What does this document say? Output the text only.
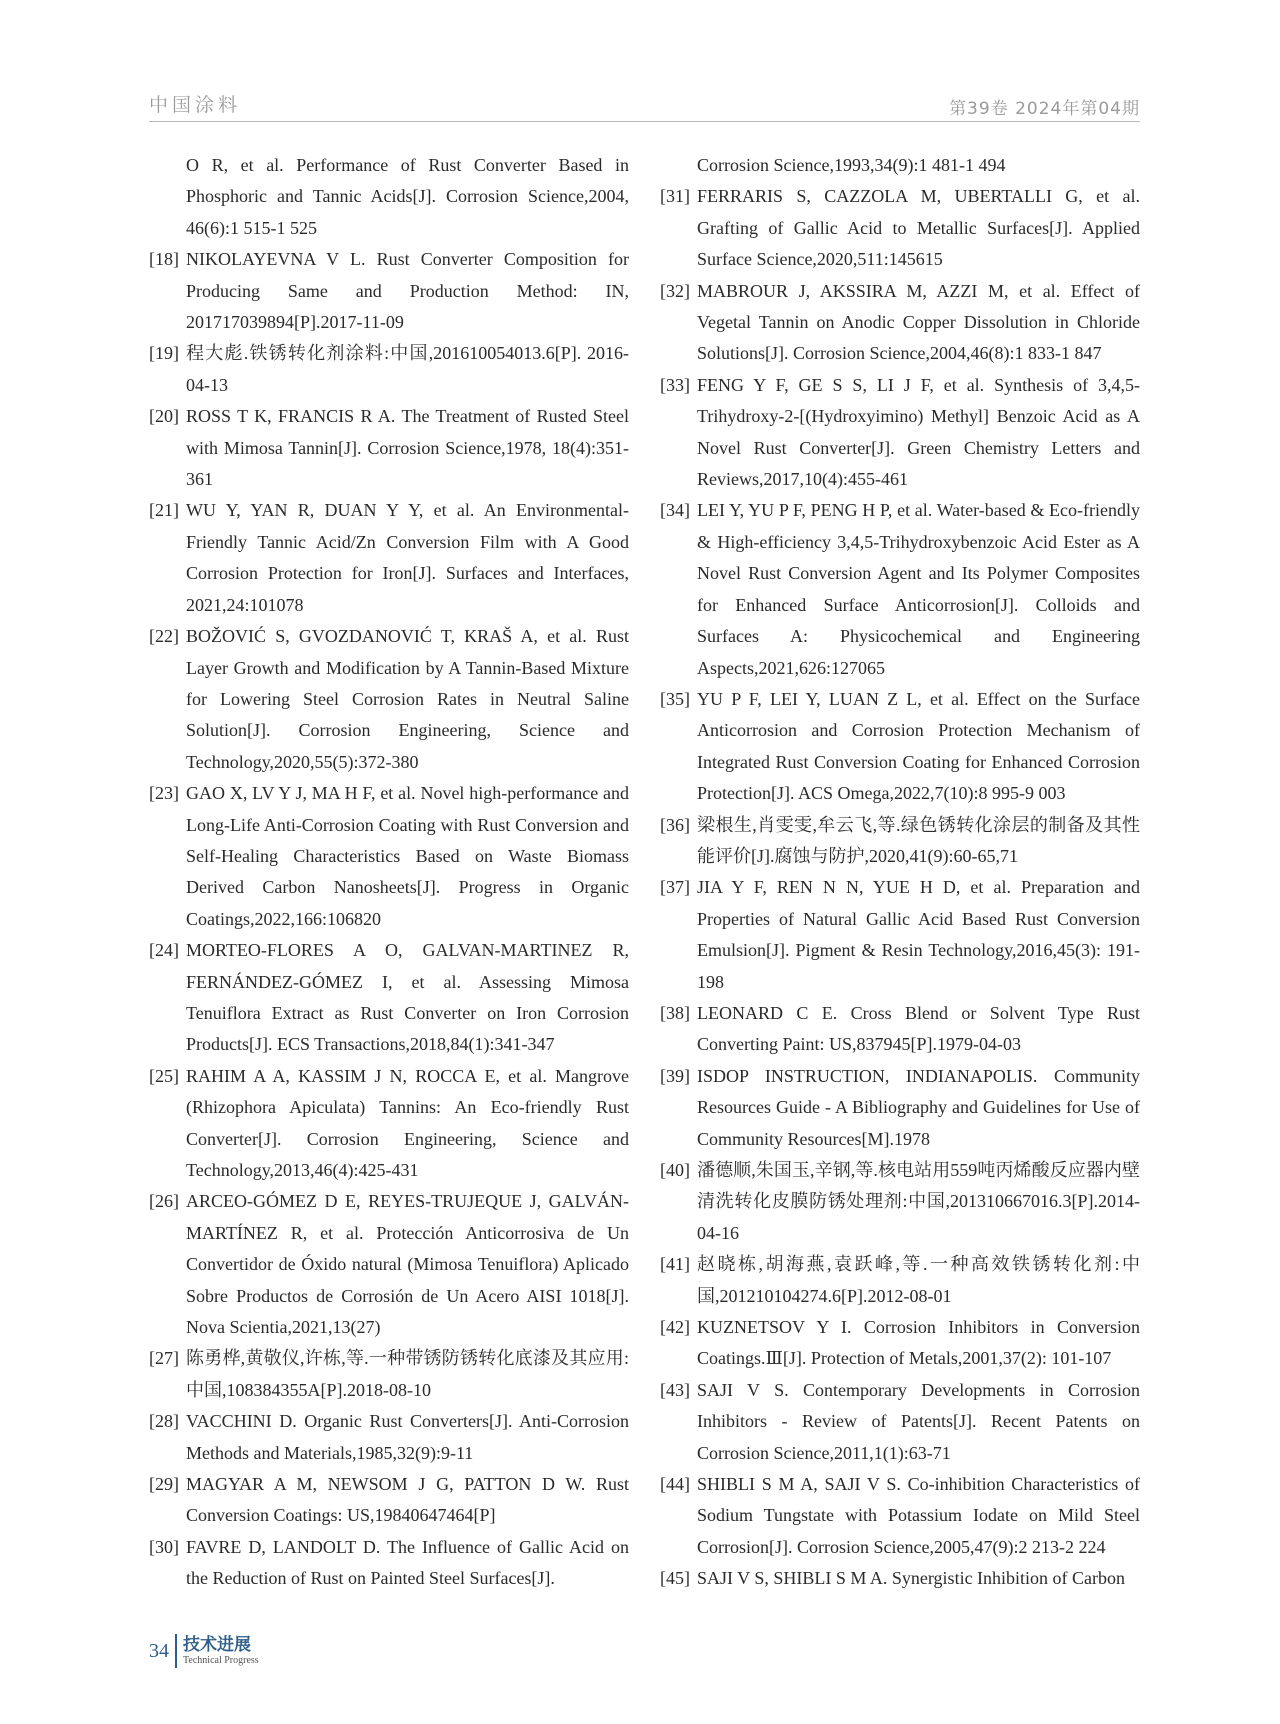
中国涂料	第39卷 2024年第04期
O R, et al. Performance of Rust Converter Based in Phosphoric and Tannic Acids[J]. Corrosion Science,2004, 46(6):1 515-1 525
[18] NIKOLAYEVNA V L. Rust Converter Composition for Producing Same and Production Method: IN, 201717039894[P].2017-11-09
[19] 程大彪.铁锈转化剂涂料:中国,201610054013.6[P]. 2016-04-13
[20] ROSS T K, FRANCIS R A. The Treatment of Rusted Steel with Mimosa Tannin[J]. Corrosion Science,1978, 18(4):351-361
[21] WU Y, YAN R, DUAN Y Y, et al. An Environmental-Friendly Tannic Acid/Zn Conversion Film with A Good Corrosion Protection for Iron[J]. Surfaces and Interfaces, 2021,24:101078
[22] BOŽOVIĆ S, GVOZDANOVIĆ T, KRAŠ A, et al. Rust Layer Growth and Modification by A Tannin-Based Mixture for Lowering Steel Corrosion Rates in Neutral Saline Solution[J]. Corrosion Engineering, Science and Technology,2020,55(5):372-380
[23] GAO X, LV Y J, MA H F, et al. Novel high-performance and Long-Life Anti-Corrosion Coating with Rust Conversion and Self-Healing Characteristics Based on Waste Biomass Derived Carbon Nanosheets[J]. Progress in Organic Coatings,2022,166:106820
[24] MORTEO-FLORES A O, GALVAN-MARTINEZ R, FERNÁNDEZ-GÓMEZ I, et al. Assessing Mimosa Tenuiflora Extract as Rust Converter on Iron Corrosion Products[J]. ECS Transactions,2018,84(1):341-347
[25] RAHIM A A, KASSIM J N, ROCCA E, et al. Mangrove (Rhizophora Apiculata) Tannins: An Eco-friendly Rust Converter[J]. Corrosion Engineering, Science and Technology,2013,46(4):425-431
[26] ARCEO-GÓMEZ D E, REYES-TRUJEQUE J, GALVÁN-MARTÍNEZ R, et al. Protección Anticorrosiva de Un Convertidor de Óxido natural (Mimosa Tenuiflora) Aplicado Sobre Productos de Corrosión de Un Acero AISI 1018[J]. Nova Scientia,2021,13(27)
[27] 陈勇桦,黄敬仪,许栋,等.一种带锈防锈转化底漆及其应用:中国,108384355A[P].2018-08-10
[28] VACCHINI D. Organic Rust Converters[J]. Anti-Corrosion Methods and Materials,1985,32(9):9-11
[29] MAGYAR A M, NEWSOM J G, PATTON D W. Rust Conversion Coatings: US,19840647464[P]
[30] FAVRE D, LANDOLT D. The Influence of Gallic Acid on the Reduction of Rust on Painted Steel Surfaces[J].
Corrosion Science,1993,34(9):1 481-1 494
[31] FERRARIS S, CAZZOLA M, UBERTALLI G, et al. Grafting of Gallic Acid to Metallic Surfaces[J]. Applied Surface Science,2020,511:145615
[32] MABROUR J, AKSSIRA M, AZZI M, et al. Effect of Vegetal Tannin on Anodic Copper Dissolution in Chloride Solutions[J]. Corrosion Science,2004,46(8):1 833-1 847
[33] FENG Y F, GE S S, LI J F, et al. Synthesis of 3,4,5-Trihydroxy-2-[(Hydroxyimino) Methyl] Benzoic Acid as A Novel Rust Converter[J]. Green Chemistry Letters and Reviews,2017,10(4):455-461
[34] LEI Y, YU P F, PENG H P, et al. Water-based & Eco-friendly & High-efficiency 3,4,5-Trihydroxybenzoic Acid Ester as A Novel Rust Conversion Agent and Its Polymer Composites for Enhanced Surface Anticorrosion[J]. Colloids and Surfaces A: Physicochemical and Engineering Aspects,2021,626:127065
[35] YU P F, LEI Y, LUAN Z L, et al. Effect on the Surface Anticorrosion and Corrosion Protection Mechanism of Integrated Rust Conversion Coating for Enhanced Corrosion Protection[J]. ACS Omega,2022,7(10):8 995-9 003
[36] 梁根生,肖雯雯,牟云飞,等.绿色锈转化涂层的制备及其性能评价[J].腐蚀与防护,2020,41(9):60-65,71
[37] JIA Y F, REN N N, YUE H D, et al. Preparation and Properties of Natural Gallic Acid Based Rust Conversion Emulsion[J]. Pigment & Resin Technology,2016,45(3): 191-198
[38] LEONARD C E. Cross Blend or Solvent Type Rust Converting Paint: US,837945[P].1979-04-03
[39] ISDOP INSTRUCTION, INDIANAPOLIS. Community Resources Guide - A Bibliography and Guidelines for Use of Community Resources[M].1978
[40] 潘德顺,朱国玉,辛钢,等.核电站用559吨丙烯酸反应器内壁清洗转化皮膜防锈处理剂:中国,201310667016.3[P].2014-04-16
[41] 赵晓栋,胡海燕,袁跃峰,等.一种高效铁锈转化剂:中国,201210104274.6[P].2012-08-01
[42] KUZNETSOV Y I. Corrosion Inhibitors in Conversion Coatings.Ⅲ[J]. Protection of Metals,2001,37(2): 101-107
[43] SAJI V S. Contemporary Developments in Corrosion Inhibitors - Review of Patents[J]. Recent Patents on Corrosion Science,2011,1(1):63-71
[44] SHIBLI S M A, SAJI V S. Co-inhibition Characteristics of Sodium Tungstate with Potassium Iodate on Mild Steel Corrosion[J]. Corrosion Science,2005,47(9):2 213-2 224
[45] SAJI V S, SHIBLI S M A. Synergistic Inhibition of Carbon
34 技术进展
Technical Progress
